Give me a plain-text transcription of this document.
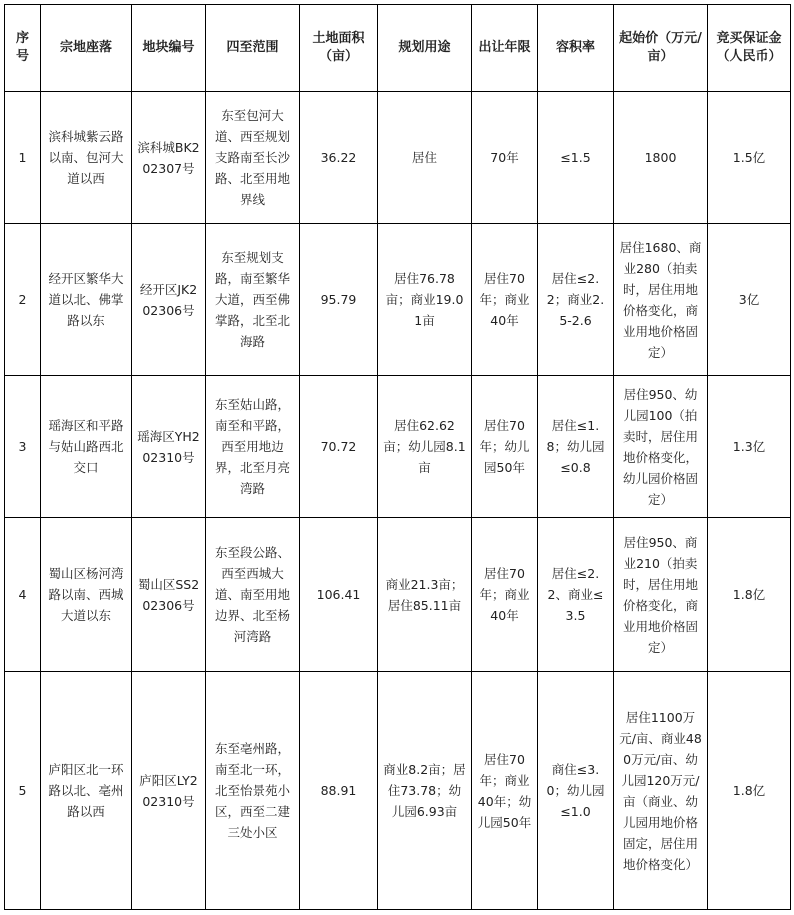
序号	宗地座落	地块编号	四至范围	土地面积（亩）	规划用途	出让年限	容积率	起始价（万元/亩）	竞买保证金（人民币）
1	滨科城紫云路以南、包河大道以西	滨科城BK202307号	东至包河大道、西至规划支路南至长沙路、北至用地界线	36.22	居住	70年	≤1.5	1800	1.5亿
2	经开区繁华大道以北、佛掌路以东	经开区JK202306号	东至规划支路，南至繁华大道，西至佛掌路，北至北海路	95.79	居住76.78亩；商业19.01亩	居住70年；商业40年	居住≤2.2；商业2.5-2.6	居住1680、商业280（拍卖时，居住用地价格变化，商业用地价格固定）	3亿
3	瑶海区和平路与姑山路西北交口	瑶海区YH202310号	东至姑山路，南至和平路，西至用地边界，北至月亮湾路	70.72	居住62.62亩；幼儿园8.1亩	居住70年；幼儿园50年	居住≤1.8；幼儿园≤0.8	居住950、幼儿园100（拍卖时，居住用地价格变化，幼儿园价格固定）	1.3亿
4	蜀山区杨河湾路以南、西城大道以东	蜀山区SS202306号	东至段公路、西至西城大道、南至用地边界、北至杨河湾路	106.41	商业21.3亩；居住85.11亩	居住70年；商业40年	居住≤2.2、商业≤3.5	居住950、商业210（拍卖时，居住用地价格变化，商业用地价格固定）	1.8亿
5	庐阳区北一环路以北、亳州路以西	庐阳区LY202310号	东至亳州路，南至北一环，北至怡景苑小区，西至二建三处小区	88.91	商业8.2亩；居住73.78；幼儿园6.93亩	居住70年；商业40年；幼儿园50年	商住≤3.0；幼儿园≤1.0	居住1100万元/亩、商业480万元/亩、幼儿园120万元/亩（商业、幼儿园用地价格固定，居住用地价格变化）	1.8亿
